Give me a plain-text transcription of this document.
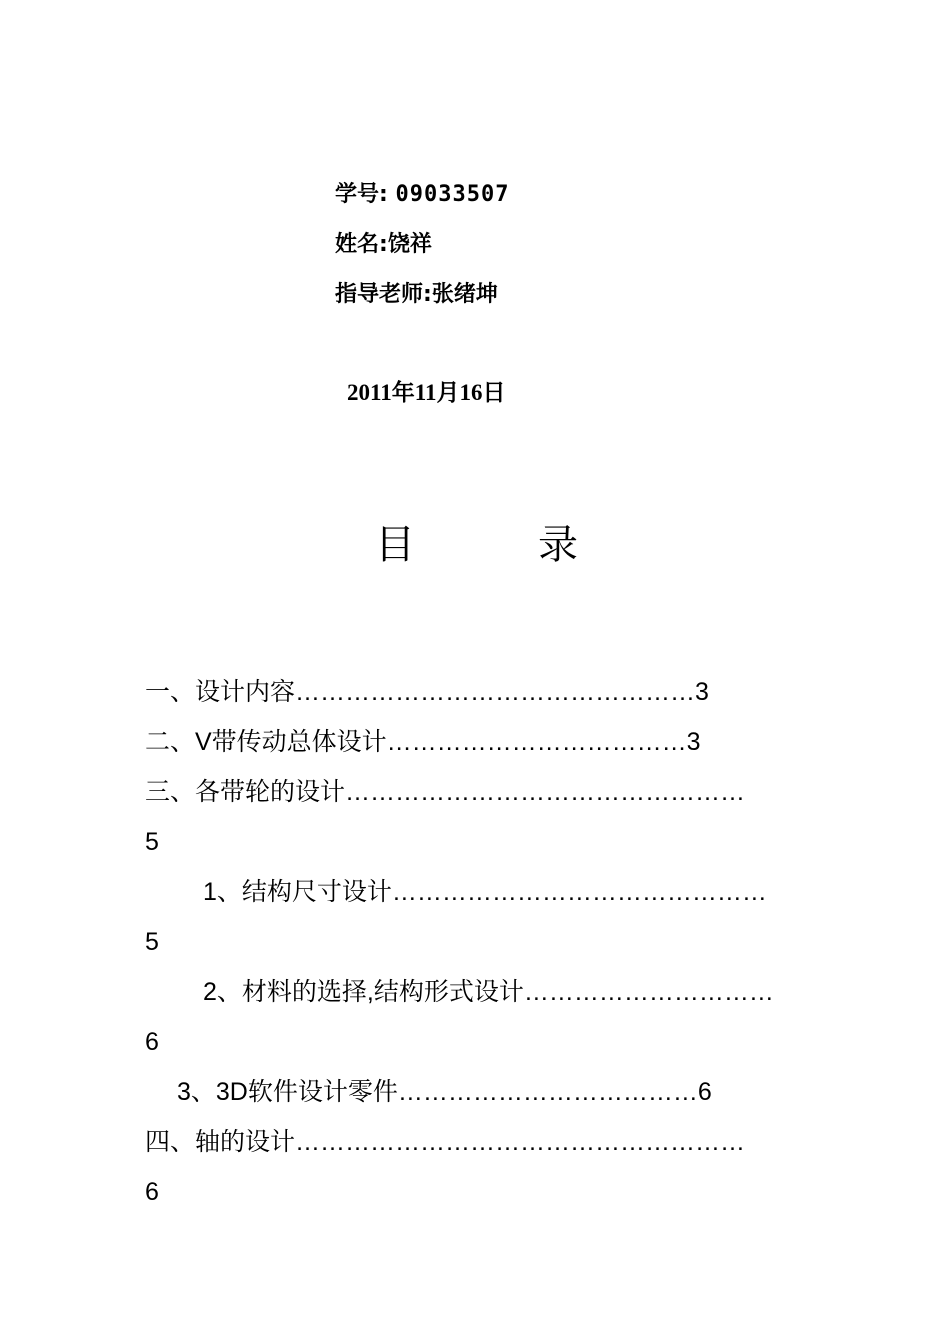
学号: 09033507
姓名:饶祥
指导老师:张绪坤
2011年11月16日
目	录
一、设计内容…………………………………………3
二、V带传动总体设计………………………………3
三、各带轮的设计…………………………………………
5
1、结构尺寸设计………………………………………
5
2、材料的选择,结构形式设计…………………………
6
3、3D软件设计零件………………………………6
四、轴的设计………………………………………………
6
